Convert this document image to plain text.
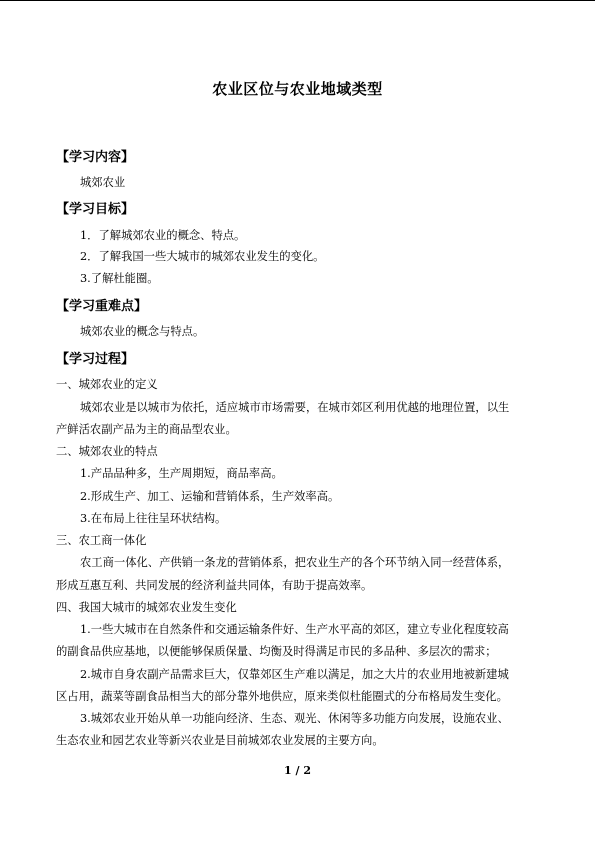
农业区位与农业地域类型
【学习内容】
城郊农业
【学习目标】
1．了解城郊农业的概念、特点。
2．了解我国一些大城市的城郊农业发生的变化。
3.了解杜能圈。
【学习重难点】
城郊农业的概念与特点。
【学习过程】
一、城郊农业的定义
城郊农业是以城市为依托，适应城市市场需要，在城市郊区利用优越的地理位置，以生
产鲜活农副产品为主的商品型农业。
二、城郊农业的特点
1.产品品种多，生产周期短，商品率高。
2.形成生产、加工、运输和营销体系，生产效率高。
3.在布局上往往呈环状结构。
三、农工商一体化
农工商一体化、产供销一条龙的营销体系，把农业生产的各个环节纳入同一经营体系，
形成互惠互利、共同发展的经济利益共同体，有助于提高效率。
四、我国大城市的城郊农业发生变化
1.一些大城市在自然条件和交通运输条件好、生产水平高的郊区，建立专业化程度较高
的副食品供应基地，以便能够保质保量、均衡及时得满足市民的多品种、多层次的需求；
2.城市自身农副产品需求巨大，仅靠郊区生产难以满足，加之大片的农业用地被新建城
区占用，蔬菜等副食品相当大的部分靠外地供应，原来类似杜能圈式的分布格局发生变化。
3.城郊农业开始从单一功能向经济、生态、观光、休闲等多功能方向发展，设施农业、
生态农业和园艺农业等新兴农业是目前城郊农业发展的主要方向。
1 / 2
